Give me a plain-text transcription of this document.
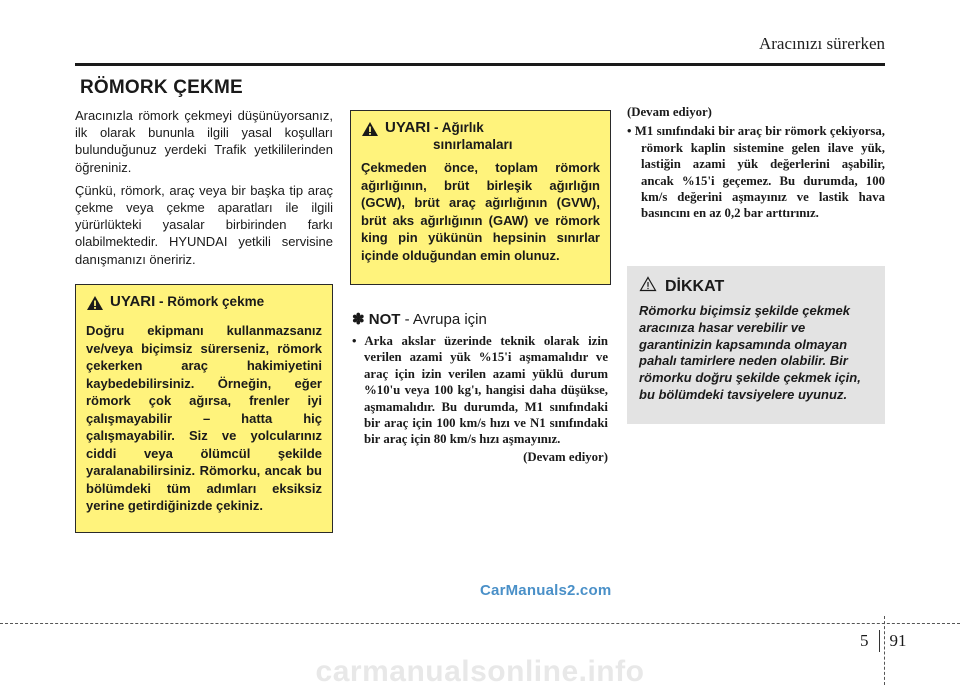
Aracınızı sürerken
RÖMORK ÇEKME

Aracınızla römork çekmeyi düşünüyorsanız, ilk olarak bununla ilgili yasal koşulları bulunduğunuz yerdeki Trafik yetkililerinden öğreniniz.

Çünkü, römork, araç veya bir başka tip araç çekme veya çekme aparatları ile ilgili yürürlükteki yasalar birbirinden farkı olabilmektedir. HYUNDAI yetkili servisine danışmanızı öneririz.

UYARI - Römork çekme
Doğru ekipmanı kullanmazsanız ve/veya biçimsiz sürerseniz, römork çekerken araç hakimiyetini kaybedebilirsiniz. Örneğin, eğer römork çok ağırsa, frenler iyi çalışmayabilir – hatta hiç çalışmayabilir. Siz ve yolcularınız ciddi veya ölümcül şekilde yaralanabilirsiniz. Römorku, ancak bu bölümdeki tüm adımları eksiksiz yerine getirdiğinizde çekiniz.
UYARI - Ağırlık
sınırlamaları
Çekmeden önce, toplam römork ağırlığının, brüt birleşik ağırlığın (GCW), brüt araç ağırlığının (GVW), brüt aks ağırlığının (GAW) ve römork king pin yükünün hepsinin sınırlar içinde olduğundan emin olunuz.
✽ NOT - Avrupa için
• Arka akslar üzerinde teknik olarak izin verilen azami yük %15'i aşmamalıdır ve araç için izin verilen azami yüklü durum %10'u veya 100 kg'ı, hangisi daha düşükse, aşmamalıdır. Bu durumda, M1 sınıfındaki bir araç için 100 km/s hızı ve N1 sınıfındaki bir araç için 80 km/s hızı aşmayınız.
(Devam ediyor)
(Devam ediyor)
• M1 sınıfındaki bir araç bir römork çekiyorsa, römork kaplin sistemine gelen ilave yük, lastiğin azami yük değerlerini aşabilir, ancak %15'i geçemez. Bu durumda, 100 km/s değerini aşmayınız ve lastik hava basıncını en az 0,2 bar arttırınız.
DİKKAT
Römorku biçimsiz şekilde çekmek aracınıza hasar verebilir ve garantinizin kapsamında olmayan pahalı tamirlere neden olabilir. Bir römorku doğru şekilde çekmek için, bu bölümdeki tavsiyelere uyunuz.
CarManuals2.com
5 91
carmanualsonline.info
